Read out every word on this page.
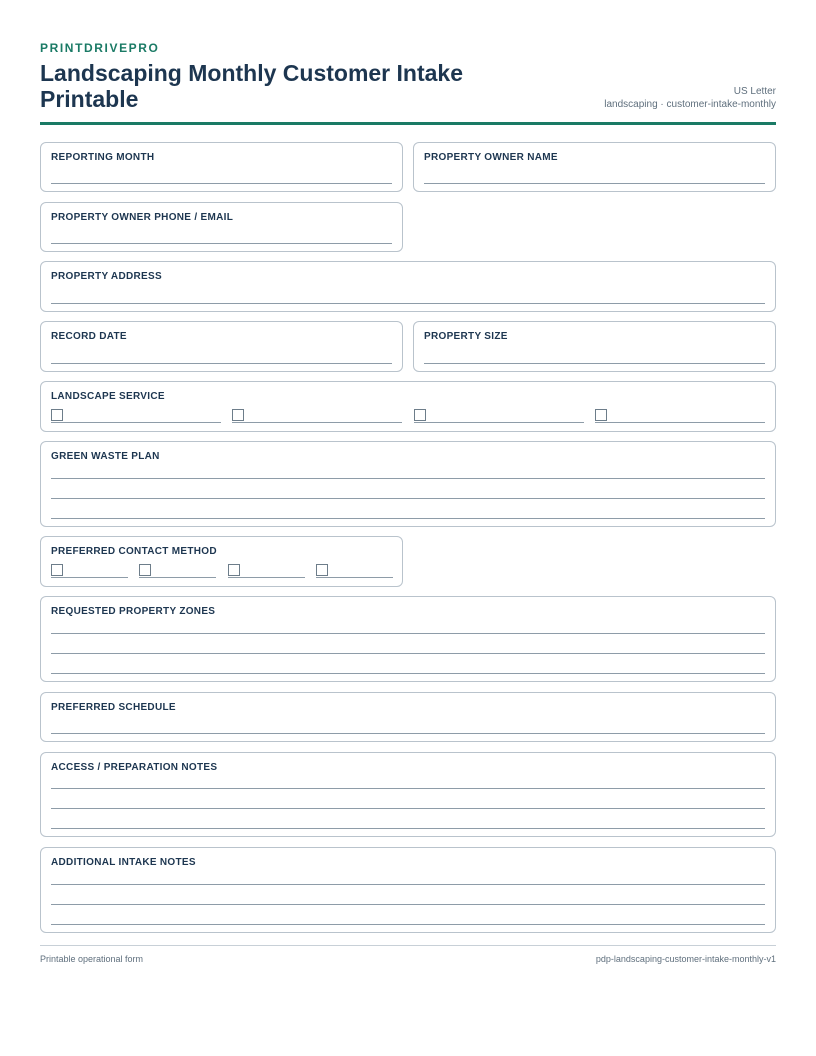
PRINTDRIVEPRO
Landscaping Monthly Customer Intake Printable	US Letter
landscaping · customer-intake-monthly
REPORTING MONTH	PROPERTY OWNER NAME
PROPERTY OWNER PHONE / EMAIL
PROPERTY ADDRESS
RECORD DATE	PROPERTY SIZE
LANDSCAPE SERVICE
GREEN WASTE PLAN
PREFERRED CONTACT METHOD
REQUESTED PROPERTY ZONES
PREFERRED SCHEDULE
ACCESS / PREPARATION NOTES
ADDITIONAL INTAKE NOTES
Printable operational form	pdp-landscaping-customer-intake-monthly-v1
